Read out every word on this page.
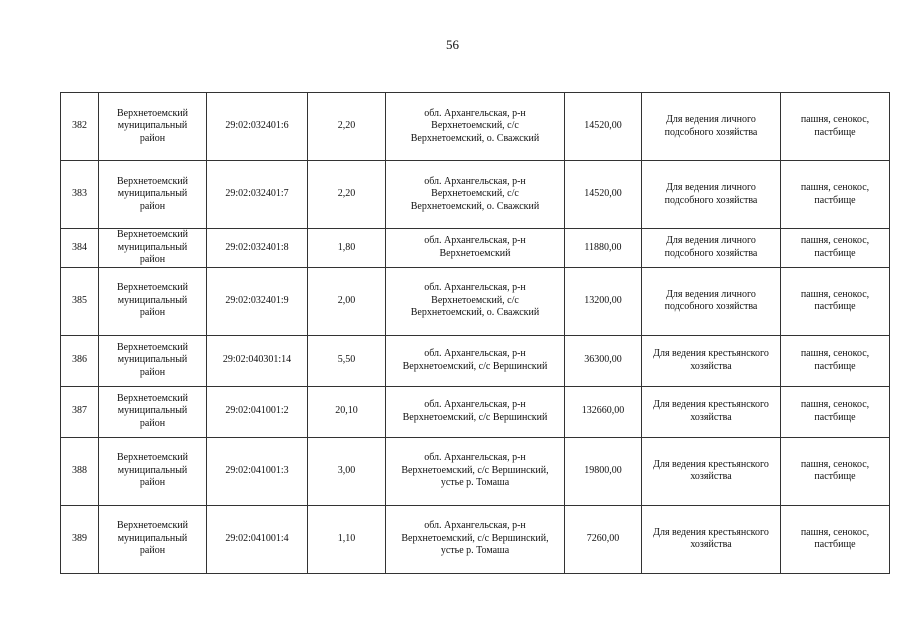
56
382	Верхнетоемский
муниципальный
район	29:02:032401:6	2,20	обл. Архангельская, р-н
Верхнетоемский, с/с
Верхнетоемский, о. Сважский	14520,00	Для ведения личного
подсобного хозяйства	пашня, сенокос,
пастбище

383	Верхнетоемский
муниципальный
район	29:02:032401:7	2,20	обл. Архангельская, р-н
Верхнетоемский, с/с
Верхнетоемский, о. Сважский	14520,00	Для ведения личного
подсобного хозяйства	пашня, сенокос,
пастбище

384	Верхнетоемский
муниципальный
район	29:02:032401:8	1,80	обл. Архангельская, р-н
Верхнетоемский	11880,00	Для ведения личного
подсобного хозяйства	пашня, сенокос,
пастбище

385	Верхнетоемский
муниципальный
район	29:02:032401:9	2,00	обл. Архангельская, р-н
Верхнетоемский, с/с
Верхнетоемский, о. Сважский	13200,00	Для ведения личного
подсобного хозяйства	пашня, сенокос,
пастбище

386	Верхнетоемский
муниципальный
район	29:02:040301:14	5,50	обл. Архангельская, р-н
Верхнетоемский, с/с Вершинский	36300,00	Для ведения крестьянского
хозяйства	пашня, сенокос,
пастбище

387	Верхнетоемский
муниципальный
район	29:02:041001:2	20,10	обл. Архангельская, р-н
Верхнетоемский, с/с Вершинский	132660,00	Для ведения крестьянского
хозяйства	пашня, сенокос,
пастбище

388	Верхнетоемский
муниципальный
район	29:02:041001:3	3,00	обл. Архангельская, р-н
Верхнетоемский, с/с Вершинский,
устье р. Томаша	19800,00	Для ведения крестьянского
хозяйства	пашня, сенокос,
пастбище

389	Верхнетоемский
муниципальный
район	29:02:041001:4	1,10	обл. Архангельская, р-н
Верхнетоемский, с/с Вершинский,
устье р. Томаша	7260,00	Для ведения крестьянского
хозяйства	пашня, сенокос,
пастбище
